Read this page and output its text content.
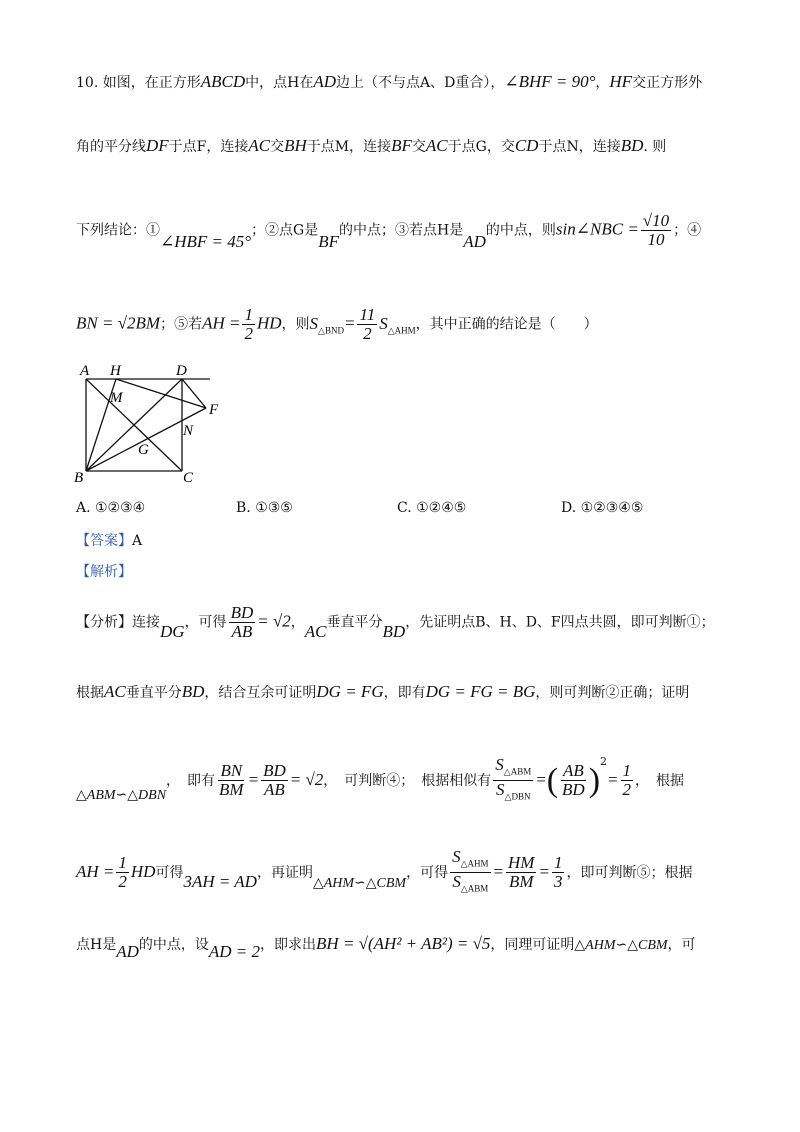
10. 如图，在正方形ABCD中，点H在AD边上（不与点A、D重合），∠BHF = 90°，HF交正方形外
角的平分线DF于点F，连接AC交BH于点M，连接BF交AC于点G，交CD于点N，连接BD. 则
下列结论：①∠HBF = 45°；②点G是BF的中点；③若点H是AD的中点，则sin∠NBC = $\frac{√10}{10}$ ；④
BN = √2BM；⑤若AH = $\frac{1}{2}$ HD，则$S_{\triangle BND}= \frac{11}{2} S_{\triangle AHM}$，其中正确的结论是（　　）
A H	D
M
F
N
G
B	C
A. ①②③④	B. ①③⑤	C. ①②④⑤	D. ①②③④⑤
【答案】A
【解析】
【分析】连接DG，可得 $\frac{BD}{AB} = √2$，AC垂直平分BD，先证明点B、H、D、F四点共圆，即可判断①；
根据AC垂直平分BD，结合互余可证明DG = FG，即有DG = FG = BG，则可判断②正确；证明
△ABM∽△DBN，　即有 $\frac{BN}{BM} = \frac{BD}{AB} = √2$，　可判断④；　根据相似有 $\frac{S_{\triangle ABM}}{S_{\triangle DBN}}$ =( $\frac{AB}{BD} )^2= \frac{1}{2}$ ，　根据
AH = $\frac{1}{2}$ HD可得3AH = AD，再证明△AHM∽△CBM，可得 $\frac{S_{\triangle AHM}}{S_{\triangle ABM}} = \frac{HM}{BM} = \frac{1}{3}$ ，即可判断⑤；根据
点H是AD的中点，设AD = 2，即求出BH = √(AH² + AB²) = √5，同理可证明△AHM∽△CBM，可
